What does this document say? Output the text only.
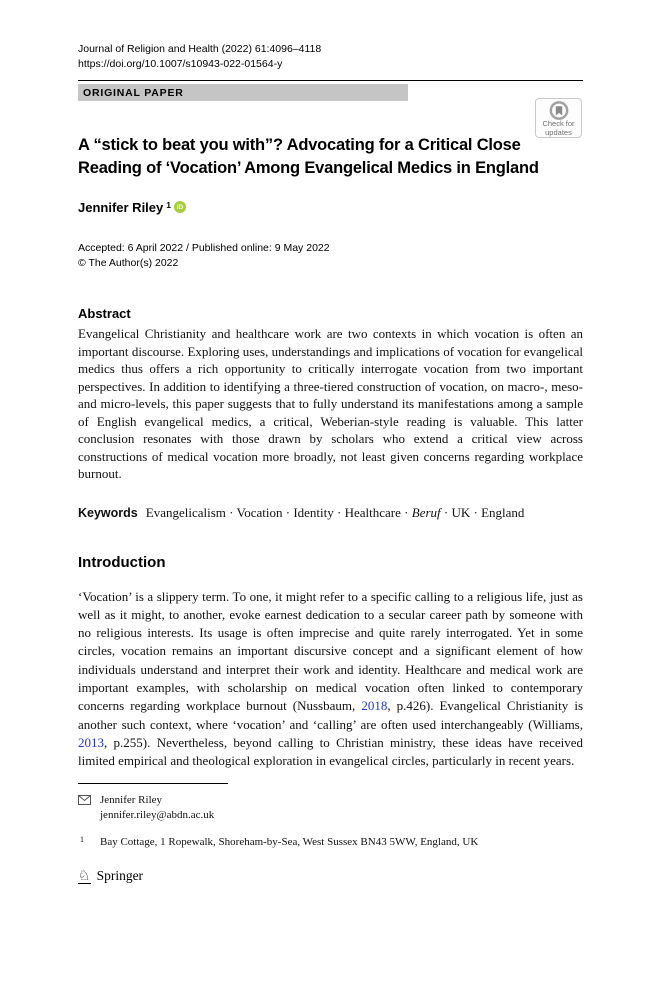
Journal of Religion and Health (2022) 61:4096–4118
https://doi.org/10.1007/s10943-022-01564-y
ORIGINAL PAPER
Check for
updates
A “stick to beat you with”? Advocating for a Critical Close Reading of ‘Vocation’ Among Evangelical Medics in England
Jennifer Riley 1 iD
Accepted: 6 April 2022 / Published online: 9 May 2022
© The Author(s) 2022
Abstract

Evangelical Christianity and healthcare work are two contexts in which vocation is often an important discourse. Exploring uses, understandings and implications of vocation for evangelical medics thus offers a rich opportunity to critically interrogate vocation from two important perspectives. In addition to identifying a three-tiered construction of vocation, on macro-, meso- and micro-levels, this paper suggests that to fully understand its manifestations among a sample of English evangelical medics, a critical, Weberian-style reading is valuable. This latter conclusion resonates with those drawn by scholars who extend a critical view across constructions of medical vocation more broadly, not least given concerns regarding workplace burnout.

Keywords Evangelicalism · Vocation · Identity · Healthcare · Beruf · UK · England
Introduction

‘Vocation’ is a slippery term. To one, it might refer to a specific calling to a religious life, just as well as it might, to another, evoke earnest dedication to a secular career path by someone with no religious interests. Its usage is often imprecise and quite rarely interrogated. Yet in some circles, vocation remains an important discursive concept and a significant element of how individuals understand and interpret their work and identity. Healthcare and medical work are important examples, with scholarship on medical vocation often linked to contemporary concerns regarding workplace burnout (Nussbaum, 2018, p.426). Evangelical Christianity is another such context, where ‘vocation’ and ‘calling’ are often used interchangeably (Williams, 2013, p.255). Nevertheless, beyond calling to Christian ministry, these ideas have received limited empirical and theological exploration in evangelical circles, particularly in recent years.

Jennifer Riley
jennifer.riley@abdn.ac.uk
1	Bay Cottage, 1 Ropewalk, Shoreham-by-Sea, West Sussex BN43 5WW, England, UK
♘ Springer
